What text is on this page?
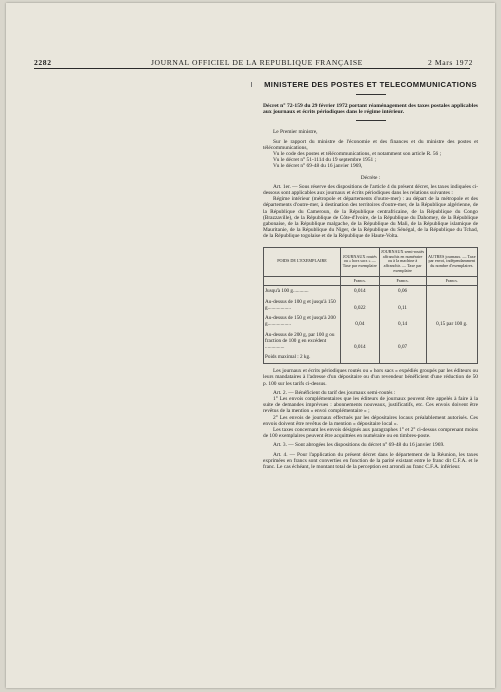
2282	JOURNAL OFFICIEL DE LA REPUBLIQUE FRANÇAISE	2 Mars 1972

MINISTERE DES POSTES ET TELECOMMUNICATIONS

Décret n° 72-159 du 29 février 1972 portant réaménagement des taxes postales applicables aux journaux et écrits périodiques dans le régime intérieur.

Le Premier ministre,

Sur le rapport du ministre de l'économie et des finances et du ministre des postes et télécommunications,

Vu le code des postes et télécommunications, et notamment son article R. 56 ;

Vu le décret n° 51-1114 du 19 septembre 1951 ;

Vu le décret n° 69-48 du 16 janvier 1969,

Décrète :

Art. 1er. — Sous réserve des dispositions de l'article 4 du présent décret, les taxes indiquées ci-dessous sont applicables aux journaux et écrits périodiques dans les relations suivantes :

Régime intérieur (métropole et départements d'outre-mer) : au départ de la métropole et des départements d'outre-mer, à destination des territoires d'outre-mer, de la République algérienne, de la République du Cameroun, de la République centrafricaine, de la République du Congo (Brazzaville), de la République de Côte-d'Ivoire, de la République du Dahomey, de la République gabonaise, de la République malgache, de la République du Mali, de la République islamique de Mauritanie, de la République du Niger, de la République du Sénégal, de la République du Tchad, de la République togolaise et de la République de Haute-Volta.

POIDS DE L'EXEMPLAIRE	JOURNAUX routés ou « hors sacs » — Taxe par exemplaire	JOURNAUX semi-routés affranchis en numéraire ou à la machine à affranchir. — Taxe par exemplaire	AUTRES journaux. — Taxe par envoi, indépendamment du nombre d'exemplaires.
	Francs.	Francs.	Francs.
Jusqu'à 100 g............	0,014	0,06	
Au-dessus de 100 g et jusqu'à 150 g..................	0,022	0,11	
Au-dessus de 150 g et jusqu'à 200 g..................	0,04	0,14	0,15 par 100 g.
Au-dessus de 200 g, par 100 g ou fraction de 100 g en excédent ...............	0,014	0,07	
Poids maximal : 2 kg.			

Les journaux et écrits périodiques routés ou « hors sacs » expédiés groupés par les éditeurs ou leurs mandataires à l'adresse d'un dépositaire ou d'un revendeur bénéficient d'une réduction de 50 p. 100 sur les tarifs ci-dessus.

Art. 2. — Bénéficient du tarif des journaux semi-routés :

1° Les envois complémentaires que les éditeurs de journaux peuvent être appelés à faire à la suite de demandes imprévues : abonnements nouveaux, justificatifs, etc. Ces envois doivent être revêtus de la mention « envoi complémentaire » ;

2° Les envois de journaux effectués par les dépositaires locaux préalablement autorisés. Ces envois doivent être revêtus de la mention « dépositaire local ».

Les taxes concernant les envois désignés aux paragraphes 1° et 2° ci-dessus comprenant moins de 100 exemplaires peuvent être acquittées en numéraire ou en timbres-poste.

Art. 3. — Sont abrogées les dispositions du décret n° 69-48 du 16 janvier 1969.

Art. 4. — Pour l'application du présent décret dans le département de la Réunion, les taxes exprimées en francs sont converties en fonction de la parité existant entre le franc dit C.F.A. et le franc. Le cas échéant, le montant total de la perception est arrondi au franc C.F.A. inférieur.
